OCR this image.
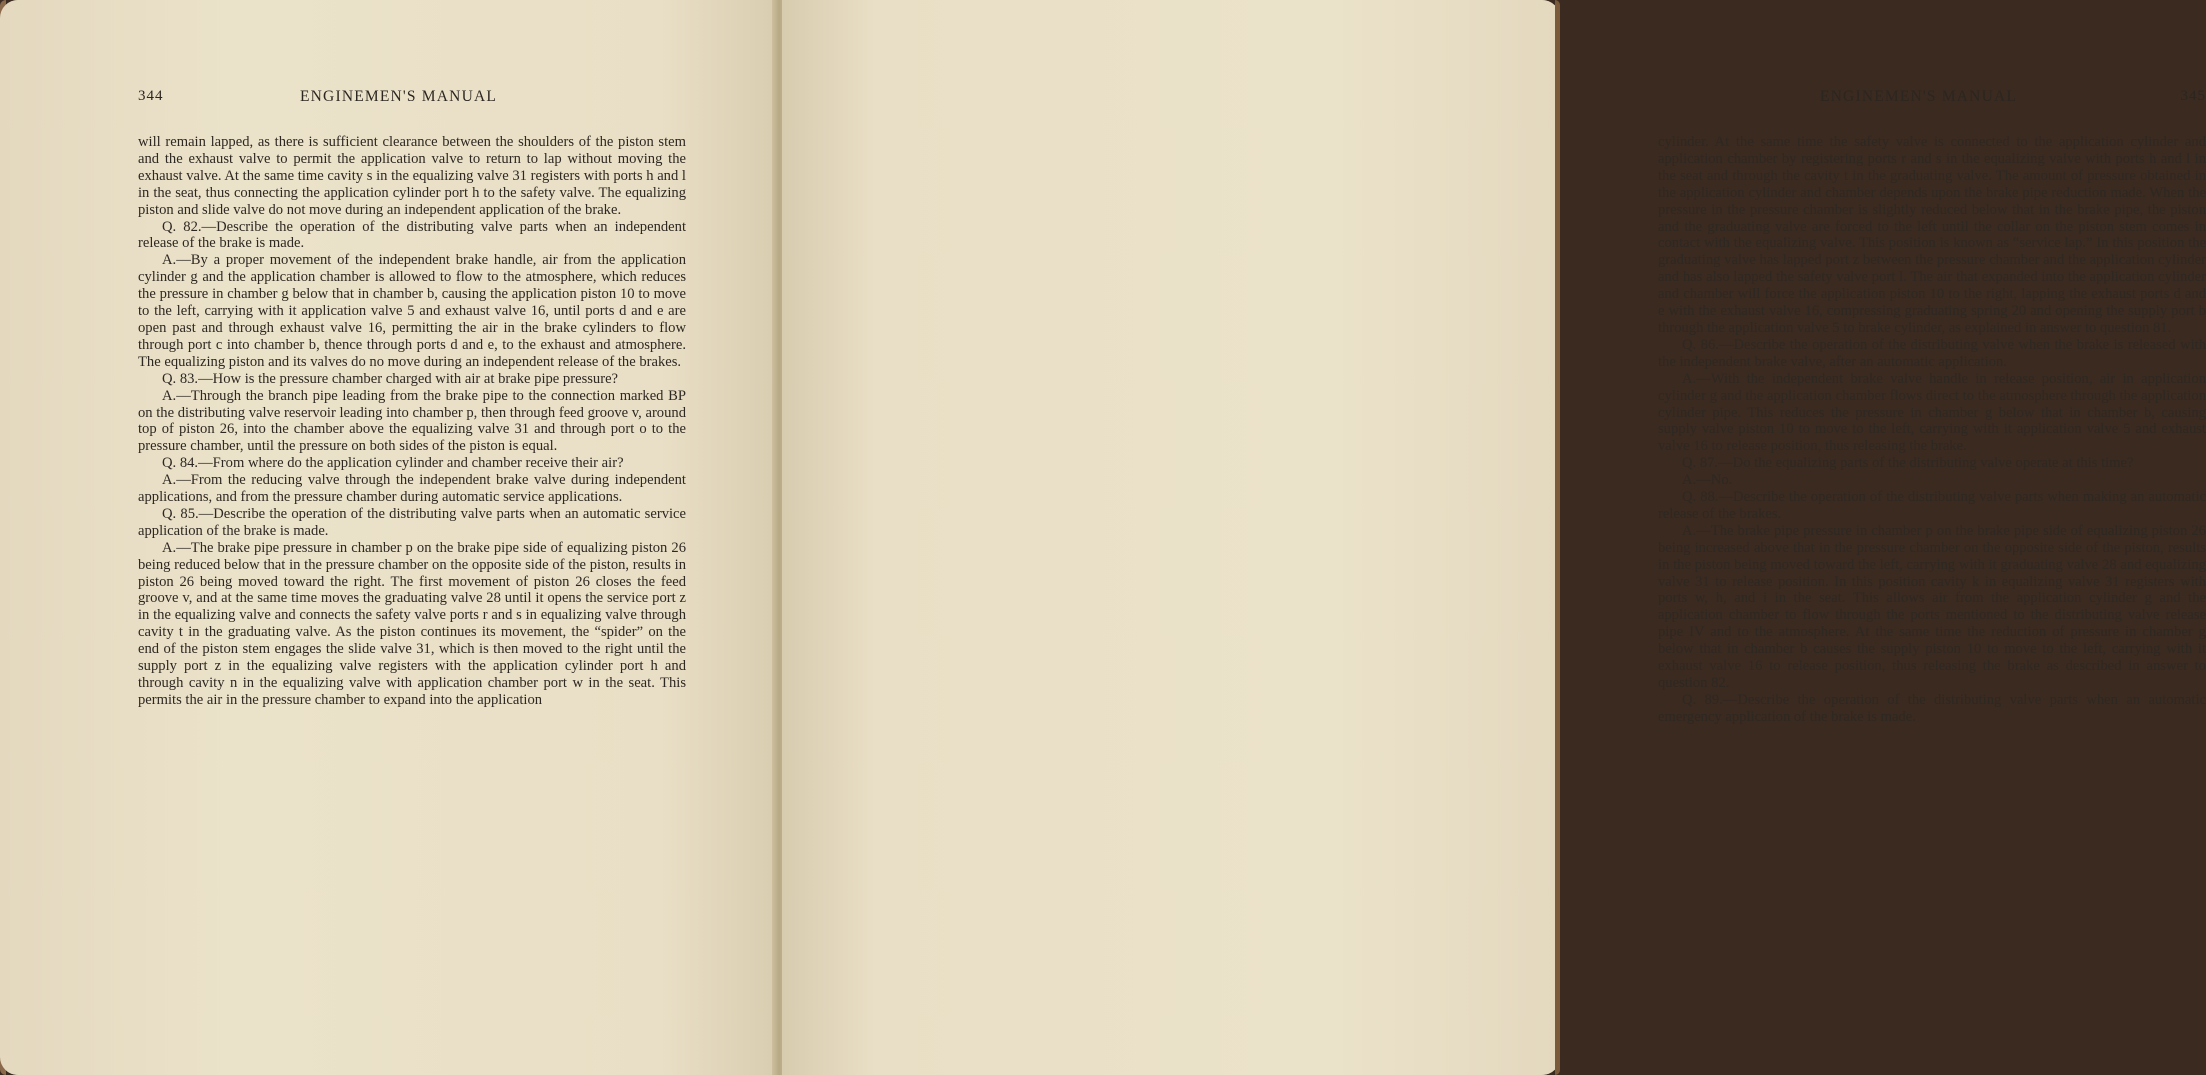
344	ENGINEMEN'S MANUAL

will remain lapped, as there is sufficient clearance between the shoulders of the piston stem and the exhaust valve to permit the application valve to return to lap without moving the exhaust valve. At the same time cavity s in the equalizing valve 31 registers with ports h and l in the seat, thus connecting the application cylinder port h to the safety valve. The equalizing piston and slide valve do not move during an independent application of the brake.

Q. 82.—Describe the operation of the distributing valve parts when an independent release of the brake is made.

A.—By a proper movement of the independent brake handle, air from the application cylinder g and the application chamber is allowed to flow to the atmosphere, which reduces the pressure in chamber g below that in chamber b, causing the application piston 10 to move to the left, carrying with it application valve 5 and exhaust valve 16, until ports d and e are open past and through exhaust valve 16, permitting the air in the brake cylinders to flow through port c into chamber b, thence through ports d and e, to the exhaust and atmosphere. The equalizing piston and its valves do no move during an independent release of the brakes.

Q. 83.—How is the pressure chamber charged with air at brake pipe pressure?

A.—Through the branch pipe leading from the brake pipe to the connection marked BP on the distributing valve reservoir leading into chamber p, then through feed groove v, around top of piston 26, into the chamber above the equalizing valve 31 and through port o to the pressure chamber, until the pressure on both sides of the piston is equal.

Q. 84.—From where do the application cylinder and chamber receive their air?

A.—From the reducing valve through the independent brake valve during independent applications, and from the pressure chamber during automatic service applications.

Q. 85.—Describe the operation of the distributing valve parts when an automatic service application of the brake is made.

A.—The brake pipe pressure in chamber p on the brake pipe side of equalizing piston 26 being reduced below that in the pressure chamber on the opposite side of the piston, results in piston 26 being moved toward the right. The first movement of piston 26 closes the feed groove v, and at the same time moves the graduating valve 28 until it opens the service port z in the equalizing valve and connects the safety valve ports r and s in equalizing valve through cavity t in the graduating valve. As the piston continues its movement, the “spider” on the end of the piston stem engages the slide valve 31, which is then moved to the right until the supply port z in the equalizing valve registers with the application cylinder port h and through cavity n in the equalizing valve with application chamber port w in the seat. This permits the air in the pressure chamber to expand into the application

ENGINEMEN'S MANUAL	345

cylinder. At the same time the safety valve is connected to the application cylinder and application chamber by registering ports r and s in the equalizing valve with ports h and l in the seat and through the cavity t in the graduating valve. The amount of pressure obtained in the application cylinder and chamber depends upon the brake pipe reduction made. When the pressure in the pressure chamber is slightly reduced below that in the brake pipe, the piston and the graduating valve are forced to the left until the collar on the piston stem comes in contact with the equalizing valve. This position is known as “service lap.” In this position the graduating valve has lapped port z between the pressure chamber and the application cylinder and has also lapped the safety valve port l. The air that expanded into the application cylinder and chamber will force the application piston 10 to the right, lapping the exhaust ports d and e with the exhaust valve 16, compressing graduating spring 20 and opening the supply port b through the application valve 5 to brake cylinder, as explained in answer to question 81.

Q. 86.—Describe the operation of the distributing valve when the brake is released with the independent brake valve, after an automatic application.

A.—With the independent brake valve handle in release position, air in application cylinder g and the application chamber flows direct to the atmosphere through the application cylinder pipe. This reduces the pressure in chamber g below that in chamber b, causing supply valve piston 10 to move to the left, carrying with it application valve 5 and exhaust valve 16 to release position, thus releasing the brake.

Q. 87.—Do the equalizing parts of the distributing valve operate at this time?

A.—No.

Q. 88.—Describe the operation of the distributing valve parts when making an automatic release of the brakes.

A.—The brake pipe pressure in chamber p on the brake pipe side of equalizing piston 26 being increased above that in the pressure chamber on the opposite side of the piston, results in the piston being moved toward the left, carrying with it graduating valve 28 and equalizing valve 31 to release position. In this position cavity k in equalizing valve 31 registers with ports w, h, and i in the seat. This allows air from the application cylinder g and the application chamber to flow through the ports mentioned to the distributing valve release pipe IV and to the atmosphere. At the same time the reduction of pressure in chamber g below that in chamber b causes the supply piston 10 to move to the left, carrying with it exhaust valve 16 to release position, thus releasing the brake as described in answer to question 82.

Q. 89.—Describe the operation of the distributing valve parts when an automatic emergency application of the brake is made.
